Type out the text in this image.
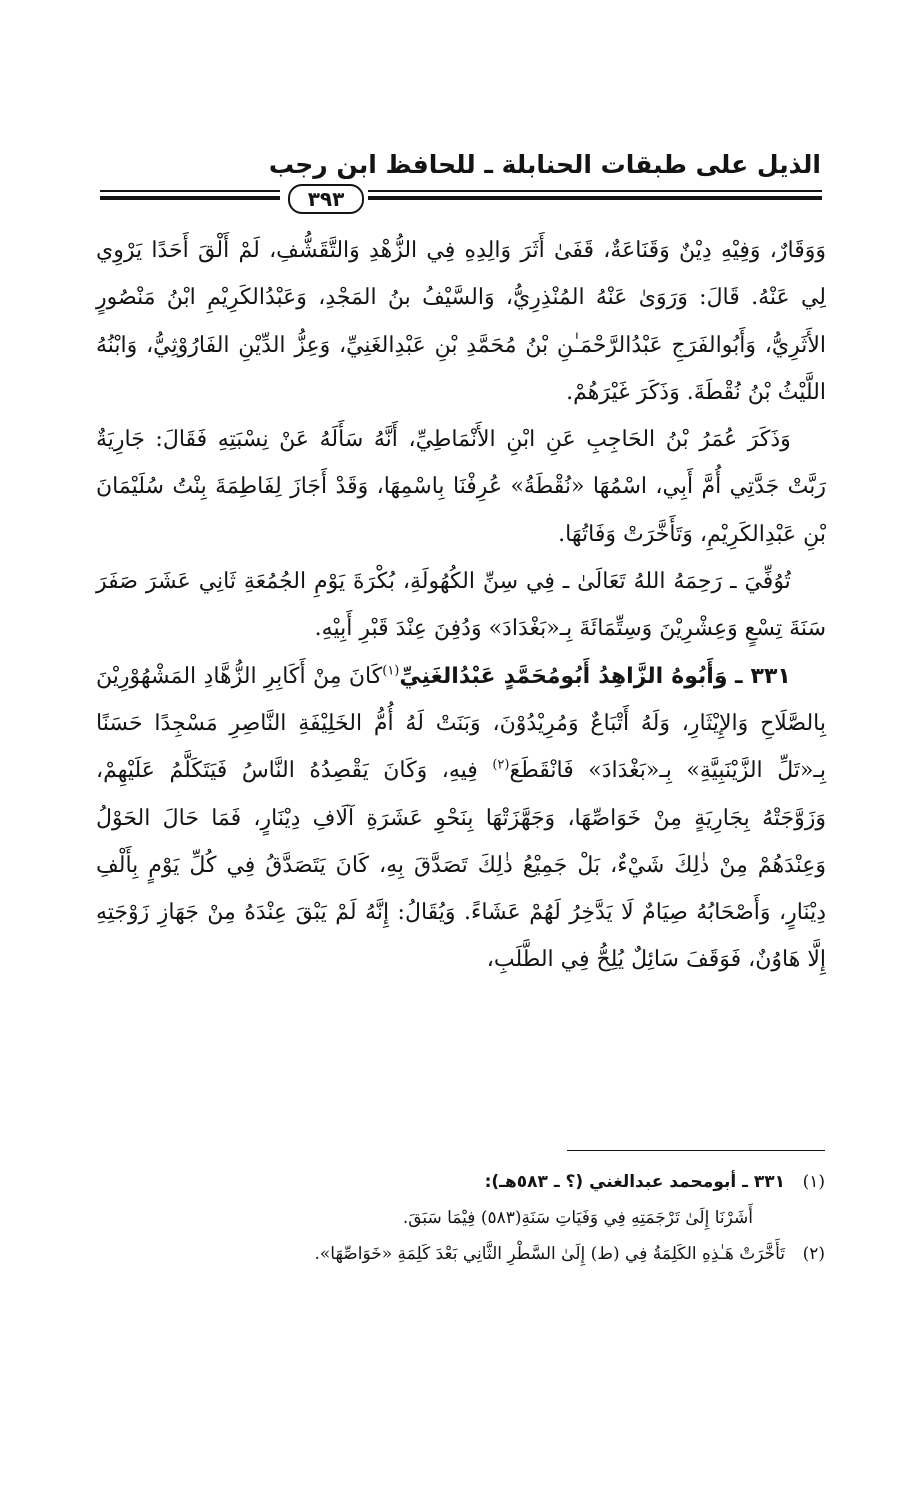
الذيل على طبقات الحنابلة ـ للحافظ ابن رجب
٣٩٣

وَوَقَارٌ، وَفِيْهِ دِيْنٌ وَقَنَاعَةٌ، قَفَىٰ أَثَرَ وَالِدِهِ فِي الزُّهْدِ وَالتَّقَشُّفِ، لَمْ أَلْقَ أَحَدًا يَرْوِي لِي عَنْهُ. قَالَ: وَرَوَىٰ عَنْهُ المُنْذِرِيُّ، وَالسَّيْفُ بنُ المَجْدِ، وَعَبْدُالكَرِيْمِ ابْنُ مَنْصُورٍ الأَثَرِيُّ، وَأَبُوالفَرَجِ عَبْدُالرَّحْمَـٰنِ بْنُ مُحَمَّدِ بْنِ عَبْدِالغَنِيِّ، وَعِزُّ الدِّيْنِ الفَارُوْثِيُّ، وَابْنُهُ اللَّيْثُ بْنُ نُقْطَةَ. وَذَكَرَ غَيْرَهُمْ.

وَذَكَرَ عُمَرُ بْنُ الحَاجِبِ عَنِ ابْنِ الأَنْمَاطِيِّ، أَنَّهُ سَأَلَهُ عَنْ نِسْبَتِهِ فَقَالَ: جَارِيَةٌ رَبَّتْ جَدَّتِي أُمَّ أَبِي، اسْمُهَا «نُقْطَةُ» عُرِفْنَا بِاسْمِهَا، وَقَدْ أَجَازَ لِفَاطِمَةَ بِنْتُ سُلَيْمَانَ بْنِ عَبْدِالكَرِيْمِ، وَتَأَخَّرَتْ وَفَاتُهَا.

تُوُفِّيَ ـ رَحِمَهُ اللهُ تَعَالَىٰ ـ فِي سِنِّ الكُهُولَةِ، بُكْرَةَ يَوْمِ الجُمُعَةِ ثَانِي عَشَرَ صَفَرَ سَنَةَ تِسْعٍ وَعِشْرِيْنَ وَسِتِّمَائَةَ بِـ«بَغْدَادَ» وَدُفِنَ عِنْدَ قَبْرِ أَبِيْهِ.

٣٣١ ـ وَأَبُوهُ الزَّاهِدُ أَبُومُحَمَّدٍ عَبْدُالغَنِيِّ$^{(١)}$كَانَ مِنْ أَكَابِرِ الزُّهَّادِ المَشْهُوْرِيْنَ بِالصَّلَاحِ وَالإِيْثَارِ، وَلَهُ أَتْبَاعٌ وَمُرِيْدُوْنَ، وَبَنَتْ لَهُ أُمُّ الخَلِيْفَةِ النَّاصِرِ مَسْجِدًا حَسَنًا بِـ«تَلِّ الزَّيْنَبِيَّةِ» بِـ«بَغْدَادَ» فَانْقَطَعَ$^{(٢)}$ فِيهِ، وَكَانَ يَقْصِدُهُ النَّاسُ فَيَتَكَلَّمُ عَلَيْهِمْ، وَزَوَّجَتْهُ بِجَارِيَةٍ مِنْ خَوَاصِّهَا، وَجَهَّزَتْهَا بِنَحْوِ عَشَرَةِ آلَافِ دِيْنَارٍ، فَمَا حَالَ الحَوْلُ وَعِنْدَهُمْ مِنْ ذٰلِكَ شَيْءٌ، بَلْ جَمِيْعُ ذٰلِكَ تَصَدَّقَ بِهِ، كَانَ يَتَصَدَّقُ فِي كُلِّ يَوْمٍ بِأَلْفِ دِيْنَارٍ، وَأَصْحَابُهُ صِيَامٌ لَا يَدَّخِرُ لَهُمْ عَشَاءً. وَيُقَالُ: إِنَّهُ لَمْ يَبْقَ عِنْدَهُ مِنْ جَهَازِ زَوْجَتِهِ إِلَّا هَاوُنٌ، فَوَقَفَ سَائِلٌ يُلِحُّ فِي الطَّلَبِ،

(١)
٣٣١ ـ أبومحمد عبدالغني (؟ ـ ٥٨٣هـ):
أَشَرْنَا إِلَىٰ تَرْجَمَتِهِ فِي وَفَيَاتِ سَنَةِ(٥٨٣) فِيْمَا سَبَقَ.
(٢)
تَأَخَّرَتْ هَـٰذِهِ الكَلِمَةُ فِي (ط) إِلَىٰ السَّطْرِ الثَّانِي بَعْدَ كَلِمَةِ «خَوَاصِّهَا».
